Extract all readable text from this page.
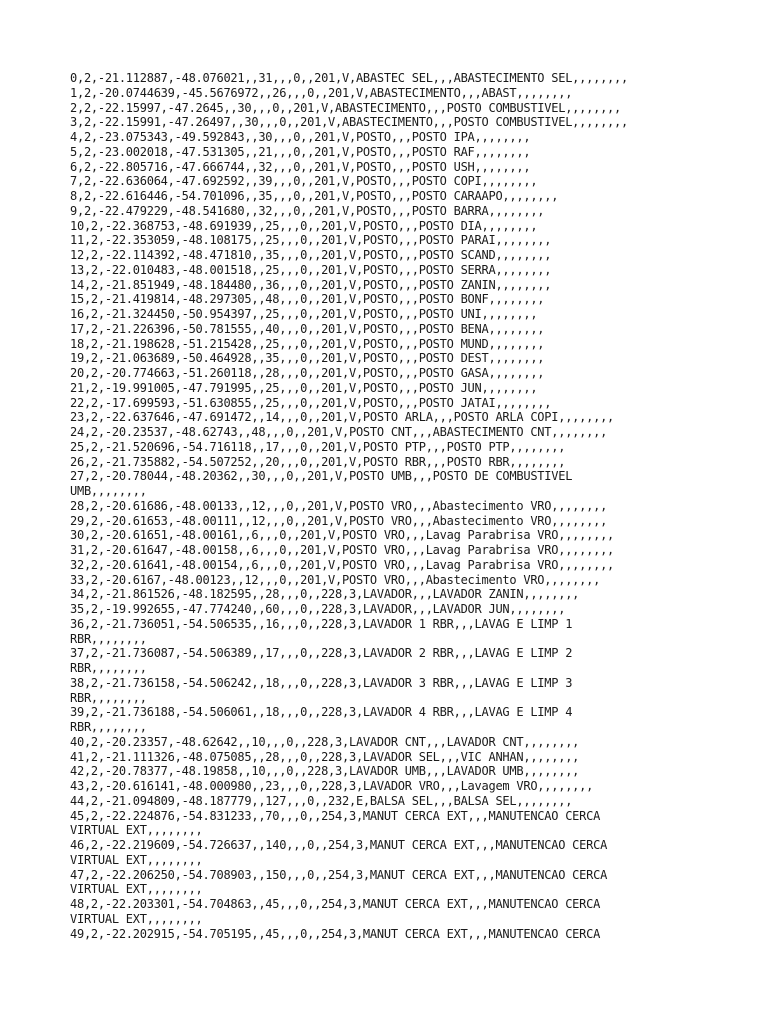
0,2,-21.112887,-48.076021,,31,,,0,,201,V,ABASTEC SEL,,,ABASTECIMENTO SEL,,,,,,,,
1,2,-20.0744639,-45.5676972,,26,,,0,,201,V,ABASTECIMENTO,,,ABAST,,,,,,,,
2,2,-22.15997,-47.2645,,30,,,0,,201,V,ABASTECIMENTO,,,POSTO COMBUSTIVEL,,,,,,,,
3,2,-22.15991,-47.26497,,30,,,0,,201,V,ABASTECIMENTO,,,POSTO COMBUSTIVEL,,,,,,,,
4,2,-23.075343,-49.592843,,30,,,0,,201,V,POSTO,,,POSTO IPA,,,,,,,,
5,2,-23.002018,-47.531305,,21,,,0,,201,V,POSTO,,,POSTO RAF,,,,,,,,
6,2,-22.805716,-47.666744,,32,,,0,,201,V,POSTO,,,POSTO USH,,,,,,,,
7,2,-22.636064,-47.692592,,39,,,0,,201,V,POSTO,,,POSTO COPI,,,,,,,,
8,2,-22.616446,-54.701096,,35,,,0,,201,V,POSTO,,,POSTO CARAAPO,,,,,,,,
9,2,-22.479229,-48.541680,,32,,,0,,201,V,POSTO,,,POSTO BARRA,,,,,,,,
10,2,-22.368753,-48.691939,,25,,,0,,201,V,POSTO,,,POSTO DIA,,,,,,,,
11,2,-22.353059,-48.108175,,25,,,0,,201,V,POSTO,,,POSTO PARAI,,,,,,,,
12,2,-22.114392,-48.471810,,35,,,0,,201,V,POSTO,,,POSTO SCAND,,,,,,,,
13,2,-22.010483,-48.001518,,25,,,0,,201,V,POSTO,,,POSTO SERRA,,,,,,,,
14,2,-21.851949,-48.184480,,36,,,0,,201,V,POSTO,,,POSTO ZANIN,,,,,,,,
15,2,-21.419814,-48.297305,,48,,,0,,201,V,POSTO,,,POSTO BONF,,,,,,,,
16,2,-21.324450,-50.954397,,25,,,0,,201,V,POSTO,,,POSTO UNI,,,,,,,,
17,2,-21.226396,-50.781555,,40,,,0,,201,V,POSTO,,,POSTO BENA,,,,,,,,
18,2,-21.198628,-51.215428,,25,,,0,,201,V,POSTO,,,POSTO MUND,,,,,,,,
19,2,-21.063689,-50.464928,,35,,,0,,201,V,POSTO,,,POSTO DEST,,,,,,,,
20,2,-20.774663,-51.260118,,28,,,0,,201,V,POSTO,,,POSTO GASA,,,,,,,,
21,2,-19.991005,-47.791995,,25,,,0,,201,V,POSTO,,,POSTO JUN,,,,,,,,
22,2,-17.699593,-51.630855,,25,,,0,,201,V,POSTO,,,POSTO JATAI,,,,,,,,
23,2,-22.637646,-47.691472,,14,,,0,,201,V,POSTO ARLA,,,POSTO ARLA COPI,,,,,,,,
24,2,-20.23537,-48.62743,,48,,,0,,201,V,POSTO CNT,,,ABASTECIMENTO CNT,,,,,,,,
25,2,-21.520696,-54.716118,,17,,,0,,201,V,POSTO PTP,,,POSTO PTP,,,,,,,,
26,2,-21.735882,-54.507252,,20,,,0,,201,V,POSTO RBR,,,POSTO RBR,,,,,,,,
27,2,-20.78044,-48.20362,,30,,,0,,201,V,POSTO UMB,,,POSTO DE COMBUSTIVEL
UMB,,,,,,,,
28,2,-20.61686,-48.00133,,12,,,0,,201,V,POSTO VRO,,,Abastecimento VRO,,,,,,,,
29,2,-20.61653,-48.00111,,12,,,0,,201,V,POSTO VRO,,,Abastecimento VRO,,,,,,,,
30,2,-20.61651,-48.00161,,6,,,0,,201,V,POSTO VRO,,,Lavag Parabrisa VRO,,,,,,,,
31,2,-20.61647,-48.00158,,6,,,0,,201,V,POSTO VRO,,,Lavag Parabrisa VRO,,,,,,,,
32,2,-20.61641,-48.00154,,6,,,0,,201,V,POSTO VRO,,,Lavag Parabrisa VRO,,,,,,,,
33,2,-20.6167,-48.00123,,12,,,0,,201,V,POSTO VRO,,,Abastecimento VRO,,,,,,,,
34,2,-21.861526,-48.182595,,28,,,0,,228,3,LAVADOR,,,LAVADOR ZANIN,,,,,,,,
35,2,-19.992655,-47.774240,,60,,,0,,228,3,LAVADOR,,,LAVADOR JUN,,,,,,,,
36,2,-21.736051,-54.506535,,16,,,0,,228,3,LAVADOR 1 RBR,,,LAVAG E LIMP 1
RBR,,,,,,,,
37,2,-21.736087,-54.506389,,17,,,0,,228,3,LAVADOR 2 RBR,,,LAVAG E LIMP 2
RBR,,,,,,,,
38,2,-21.736158,-54.506242,,18,,,0,,228,3,LAVADOR 3 RBR,,,LAVAG E LIMP 3
RBR,,,,,,,,
39,2,-21.736188,-54.506061,,18,,,0,,228,3,LAVADOR 4 RBR,,,LAVAG E LIMP 4
RBR,,,,,,,,
40,2,-20.23357,-48.62642,,10,,,0,,228,3,LAVADOR CNT,,,LAVADOR CNT,,,,,,,,
41,2,-21.111326,-48.075085,,28,,,0,,228,3,LAVADOR SEL,,,VIC ANHAN,,,,,,,,
42,2,-20.78377,-48.19858,,10,,,0,,228,3,LAVADOR UMB,,,LAVADOR UMB,,,,,,,,
43,2,-20.616141,-48.000980,,23,,,0,,228,3,LAVADOR VRO,,,Lavagem VRO,,,,,,,,
44,2,-21.094809,-48.187779,,127,,,0,,232,E,BALSA SEL,,,BALSA SEL,,,,,,,,
45,2,-22.224876,-54.831233,,70,,,0,,254,3,MANUT CERCA EXT,,,MANUTENCAO CERCA
VIRTUAL EXT,,,,,,,,
46,2,-22.219609,-54.726637,,140,,,0,,254,3,MANUT CERCA EXT,,,MANUTENCAO CERCA
VIRTUAL EXT,,,,,,,,
47,2,-22.206250,-54.708903,,150,,,0,,254,3,MANUT CERCA EXT,,,MANUTENCAO CERCA
VIRTUAL EXT,,,,,,,,
48,2,-22.203301,-54.704863,,45,,,0,,254,3,MANUT CERCA EXT,,,MANUTENCAO CERCA
VIRTUAL EXT,,,,,,,,
49,2,-22.202915,-54.705195,,45,,,0,,254,3,MANUT CERCA EXT,,,MANUTENCAO CERCA
